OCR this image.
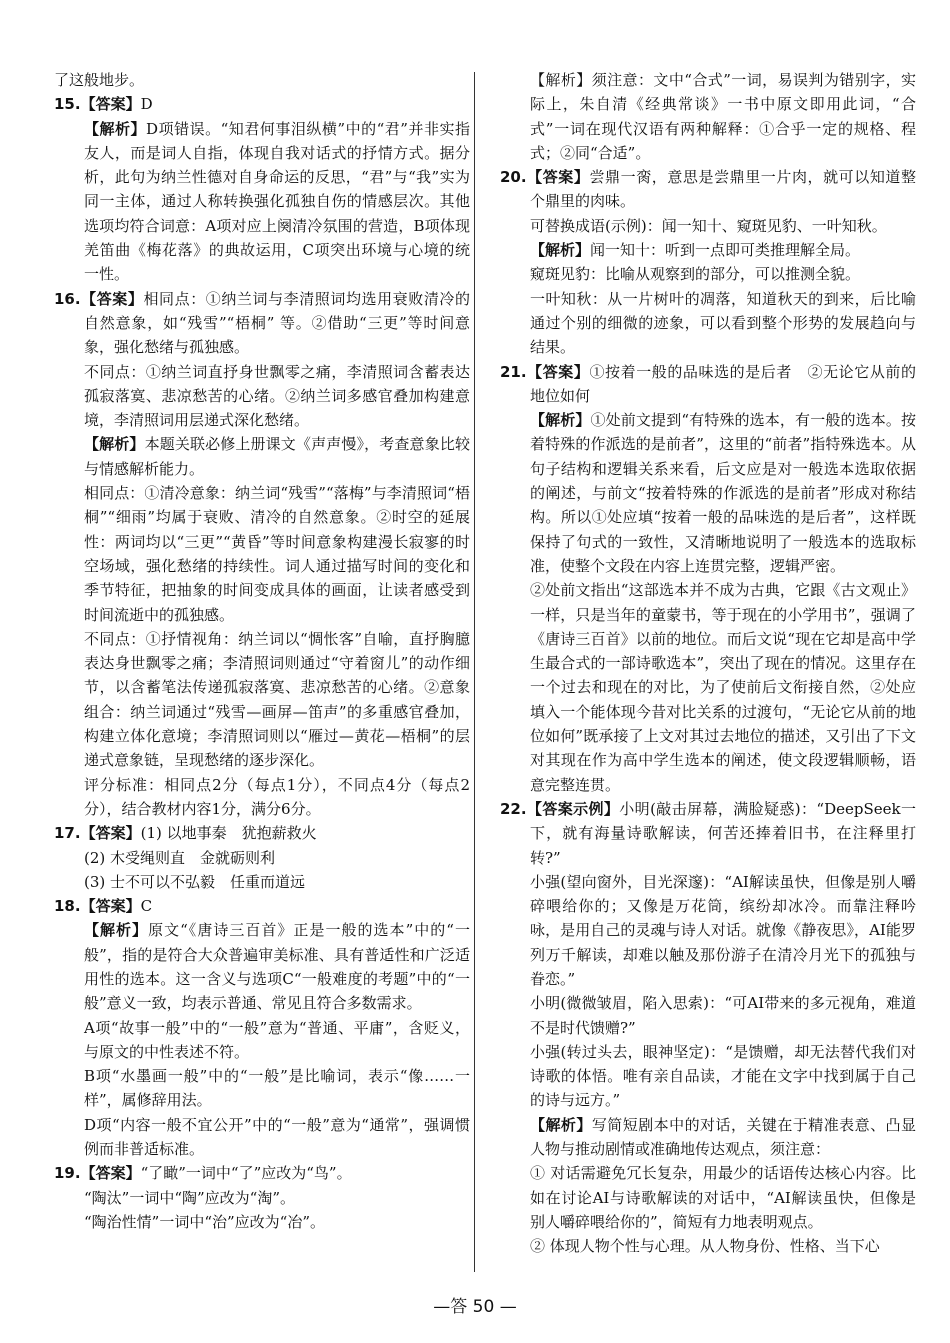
了这般地步。

15.【答案】D

【解析】D项错误。“知君何事泪纵横”中的“君”并非实指友人，而是词人自指，体现自我对话式的抒情方式。据分析，此句为纳兰性德对自身命运的反思，“君”与“我”实为同一主体，通过人称转换强化孤独自伤的情感层次。其他选项均符合词意：A项对应上阕清冷氛围的营造，B项体现羌笛曲《梅花落》的典故运用，C项突出环境与心境的统一性。

16.【答案】相同点：①纳兰词与李清照词均选用衰败清冷的自然意象，如“残雪”“梧桐” 等。②借助“三更”等时间意象，强化愁绪与孤独感。

不同点：①纳兰词直抒身世飘零之痛，李清照词含蓄表达孤寂落寞、悲凉愁苦的心绪。②纳兰词多感官叠加构建意境，李清照词用层递式深化愁绪。

【解析】本题关联必修上册课文《声声慢》，考查意象比较与情感解析能力。

相同点：①清冷意象：纳兰词“残雪”“落梅”与李清照词“梧桐”“细雨”均属于衰败、清冷的自然意象。②时空的延展性：两词均以“三更”“黄昏”等时间意象构建漫长寂寥的时空场域，强化愁绪的持续性。词人通过描写时间的变化和季节特征，把抽象的时间变成具体的画面，让读者感受到时间流逝中的孤独感。

不同点：①抒情视角：纳兰词以“惆怅客”自喻，直抒胸臆表达身世飘零之痛；李清照词则通过“守着窗儿”的动作细节，以含蓄笔法传递孤寂落寞、悲凉愁苦的心绪。②意象组合：纳兰词通过“残雪—画屏—笛声”的多重感官叠加，构建立体化意境；李清照词则以“雁过—黄花—梧桐”的层递式意象链，呈现愁绪的逐步深化。

评分标准：相同点2分（每点1分），不同点4分（每点2分），结合教材内容1分，满分6分。

17.【答案】(1) 以地事秦　犹抱薪救火

(2) 木受绳则直　金就砺则利

(3) 士不可以不弘毅　任重而道远

18.【答案】C

【解析】原文“《唐诗三百首》正是一般的选本”中的“一般”，指的是符合大众普遍审美标准、具有普适性和广泛适用性的选本。这一含义与选项C“一般难度的考题”中的“一般”意义一致，均表示普通、常见且符合多数需求。

A项“故事一般”中的“一般”意为“普通、平庸”，含贬义，与原文的中性表述不符。

B项“水墨画一般”中的“一般”是比喻词，表示“像……一样”，属修辞用法。

D项“内容一般不宜公开”中的“一般”意为“通常”，强调惯例而非普适标准。

19.【答案】“了瞰”一词中“了”应改为“鸟”。

“陶汰”一词中“陶”应改为“淘”。

“陶治性情”一词中“治”应改为“冶”。

【解析】须注意：文中“合式”一词，易误判为错别字，实际上，朱自清《经典常谈》一书中原文即用此词，“合式”一词在现代汉语有两种解释：①合乎一定的规格、程式；②同“合适”。

20.【答案】尝鼎一脔，意思是尝鼎里一片肉，就可以知道整个鼎里的肉味。

可替换成语(示例)：闻一知十、窥斑见豹、一叶知秋。

【解析】闻一知十：听到一点即可类推理解全局。

窥斑见豹：比喻从观察到的部分，可以推测全貌。

一叶知秋：从一片树叶的凋落，知道秋天的到来，后比喻通过个别的细微的迹象，可以看到整个形势的发展趋向与结果。

21.【答案】①按着一般的品味选的是后者　②无论它从前的地位如何

【解析】①处前文提到“有特殊的选本，有一般的选本。按着特殊的作派选的是前者”，这里的“前者”指特殊选本。从句子结构和逻辑关系来看，后文应是对一般选本选取依据的阐述，与前文“按着特殊的作派选的是前者”形成对称结构。所以①处应填“按着一般的品味选的是后者”，这样既保持了句式的一致性，又清晰地说明了一般选本的选取标准，使整个文段在内容上连贯完整，逻辑严密。

②处前文指出“这部选本并不成为古典，它跟《古文观止》一样，只是当年的童蒙书，等于现在的小学用书”，强调了《唐诗三百首》以前的地位。而后文说“现在它却是高中学生最合式的一部诗歌选本”，突出了现在的情况。这里存在一个过去和现在的对比，为了使前后文衔接自然，②处应填入一个能体现今昔对比关系的过渡句，“无论它从前的地位如何”既承接了上文对其过去地位的描述，又引出了下文对其现在作为高中学生选本的阐述，使文段逻辑顺畅，语意完整连贯。

22.【答案示例】小明(敲击屏幕，满脸疑惑)：“DeepSeek一下，就有海量诗歌解读，何苦还捧着旧书，在注释里打转?”

小强(望向窗外，目光深邃)：“AI解读虽快，但像是别人嚼碎喂给你的；又像是万花筒，缤纷却冰冷。而靠注释吟咏，是用自己的灵魂与诗人对话。就像《静夜思》，AI能罗列万千解读，却难以触及那份游子在清冷月光下的孤独与眷恋。”

小明(微微皱眉，陷入思索)：“可AI带来的多元视角，难道不是时代馈赠?”

小强(转过头去，眼神坚定)：“是馈赠，却无法替代我们对诗歌的体悟。唯有亲自品读，才能在文字中找到属于自己的诗与远方。”

【解析】写简短剧本中的对话，关键在于精准表意、凸显人物与推动剧情或准确地传达观点，须注意：

① 对话需避免冗长复杂，用最少的话语传达核心内容。比如在讨论AI与诗歌解读的对话中，“AI解读虽快，但像是别人嚼碎喂给你的”，简短有力地表明观点。

② 体现人物个性与心理。从人物身份、性格、当下心

—答 50 —
